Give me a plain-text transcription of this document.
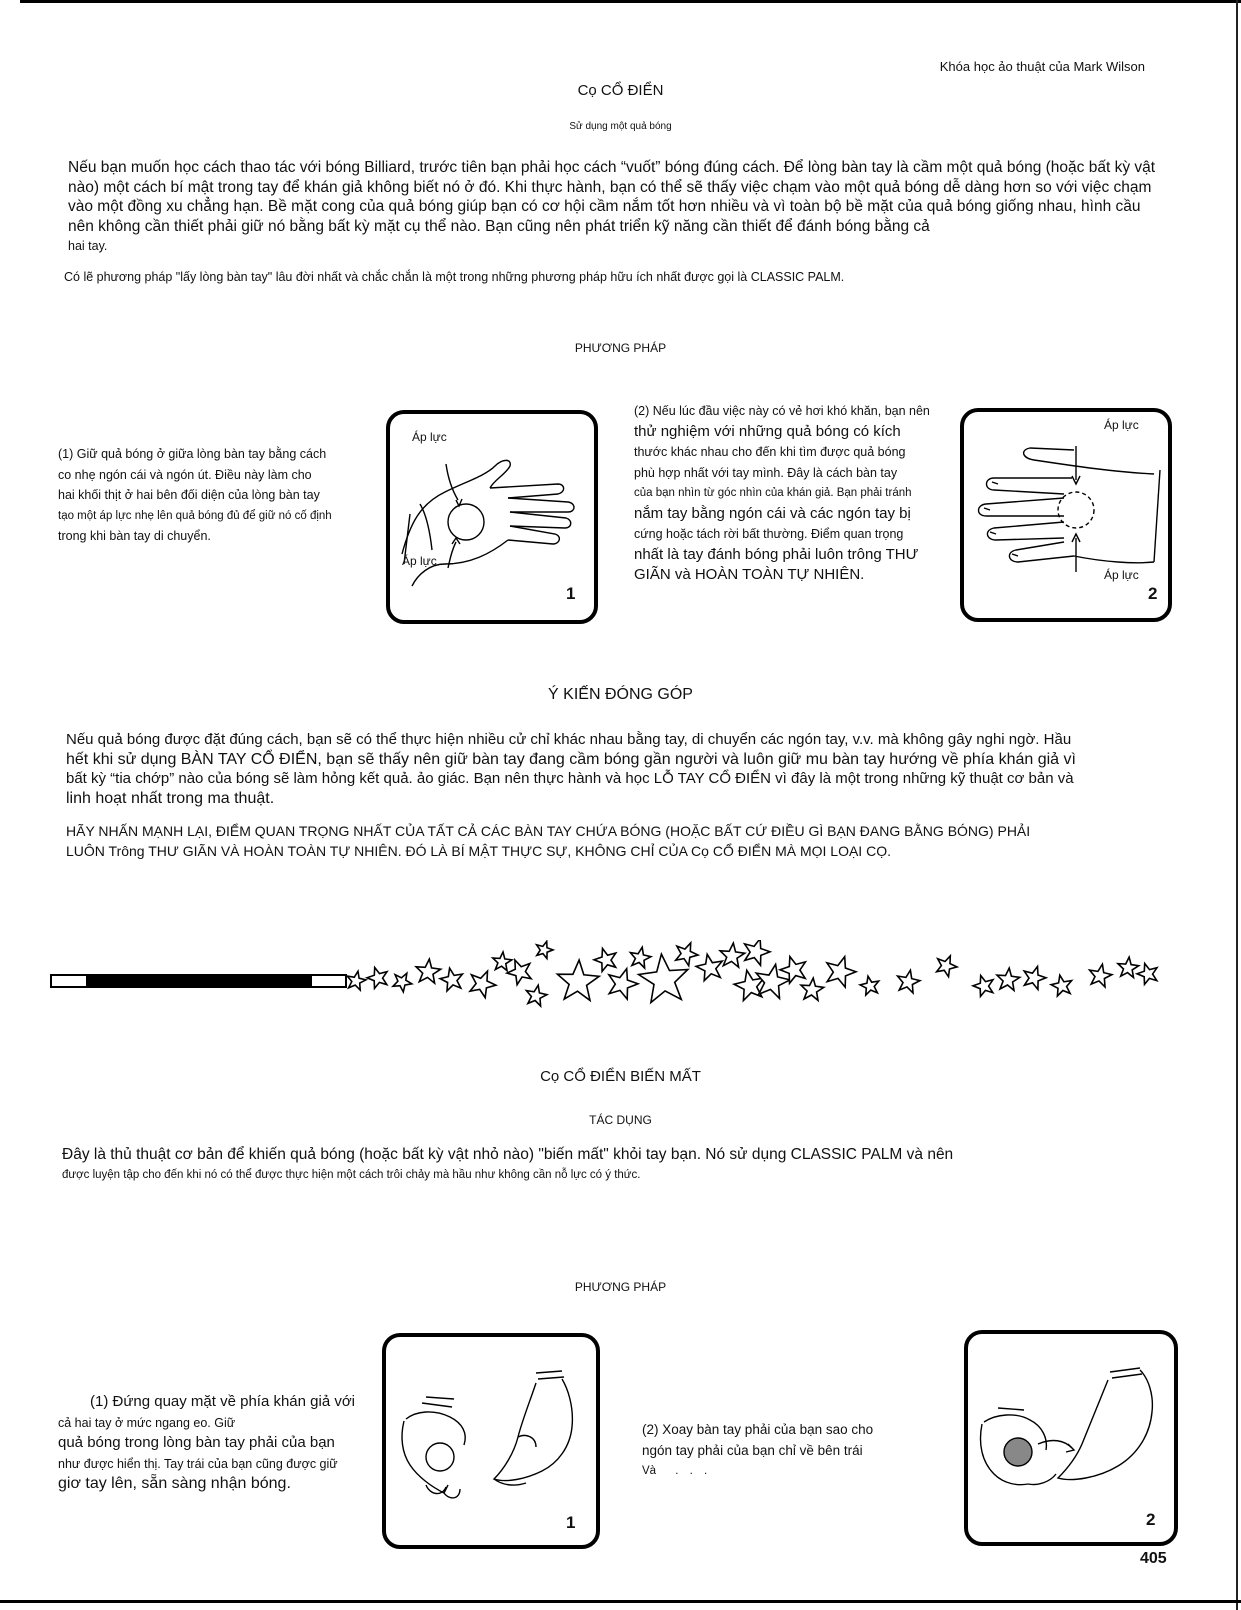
Khóa học ảo thuật của Mark Wilson
Cọ CỔ ĐIỂN
Sử dụng một quả bóng

Nếu bạn muốn học cách thao tác với bóng Billiard, trước tiên bạn phải học cách “vuốt” bóng đúng cách. Để lòng bàn tay là cầm một quả bóng (hoặc bất kỳ vật nào) một cách bí mật trong tay để khán giả không biết nó ở đó. Khi thực hành, bạn có thể sẽ thấy việc chạm vào một quả bóng dễ dàng hơn so với việc chạm vào một đồng xu chẳng hạn. Bề mặt cong của quả bóng giúp bạn có cơ hội cầm nắm tốt hơn nhiều và vì toàn bộ bề mặt của quả bóng giống nhau, hình cầu nên không cần thiết phải giữ nó bằng bất kỳ mặt cụ thể nào. Bạn cũng nên phát triển kỹ năng cần thiết để đánh bóng bằng cả
hai tay.

Có lẽ phương pháp "lấy lòng bàn tay" lâu đời nhất và chắc chắn là một trong những phương pháp hữu ích nhất được gọi là CLASSIC PALM.
PHƯƠNG PHÁP
(1) Giữ quả bóng ở giữa lòng bàn tay bằng cách
co nhẹ ngón cái và ngón út. Điều này làm cho
hai khối thịt ở hai bên đối diện của lòng bàn tay
tạo một áp lực nhẹ lên quả bóng đủ để giữ nó cố định
trong khi bàn tay di chuyển.
Áp lực
Áp lực
1
(2) Nếu lúc đầu việc này có vẻ hơi khó khăn, bạn nên
thử nghiệm với những quả bóng có kích
thước khác nhau cho đến khi tìm được quả bóng
phù hợp nhất với tay mình. Đây là cách bàn tay
của bạn nhìn từ góc nhìn của khán giả. Bạn phải tránh
nắm tay bằng ngón cái và các ngón tay bị
cứng hoặc tách rời bất thường. Điểm quan trọng
nhất là tay đánh bóng phải luôn trông THƯ
GIÃN và HOÀN TOÀN TỰ NHIÊN.
Áp lực
Áp lực
2
Ý KIẾN ĐÓNG GÓP
Nếu quả bóng được đặt đúng cách, bạn sẽ có thể thực hiện nhiều cử chỉ khác nhau bằng tay, di chuyển các ngón tay, v.v. mà không gây nghi ngờ. Hầu
hết khi sử dụng BÀN TAY CỔ ĐIỂN, bạn sẽ thấy nên giữ bàn tay đang cầm bóng gần người và luôn giữ mu bàn tay hướng về phía khán giả vì
bất kỳ “tia chớp” nào của bóng sẽ làm hỏng kết quả. ảo giác. Bạn nên thực hành và học LỖ TAY CỔ ĐIỂN vì đây là một trong những kỹ thuật cơ bản và
linh hoạt nhất trong ma thuật.
HÃY NHẤN MẠNH LẠI, ĐIỂM QUAN TRỌNG NHẤT CỦA TẤT CẢ CÁC BÀN TAY CHỨA BÓNG (HOẶC BẤT CỨ ĐIỀU GÌ BẠN ĐANG BẰNG BÓNG) PHẢI
LUÔN Trông THƯ GIÃN VÀ HOÀN TOÀN TỰ NHIÊN. ĐÓ LÀ BÍ MẬT THỰC SỰ, KHÔNG CHỈ CỦA Cọ CỔ ĐIỂN MÀ MỌI LOẠI CỌ.
Cọ CỔ ĐIỂN BIẾN MẤT
TÁC DỤNG
Đây là thủ thuật cơ bản để khiến quả bóng (hoặc bất kỳ vật nhỏ nào) "biến mất" khỏi tay bạn. Nó sử dụng CLASSIC PALM và nên
được luyện tập cho đến khi nó có thể được thực hiện một cách trôi chảy mà hầu như không cần nỗ lực có ý thức.
PHƯƠNG PHÁP
(1) Đứng quay mặt về phía khán giả với
cả hai tay ở mức ngang eo. Giữ
quả bóng trong lòng bàn tay phải của bạn
như được hiển thị. Tay trái của bạn cũng được giữ
giơ tay lên, sẵn sàng nhận bóng.
1
(2) Xoay bàn tay phải của bạn sao cho
ngón tay phải của bạn chỉ về bên trái
Và . . .
2
405
